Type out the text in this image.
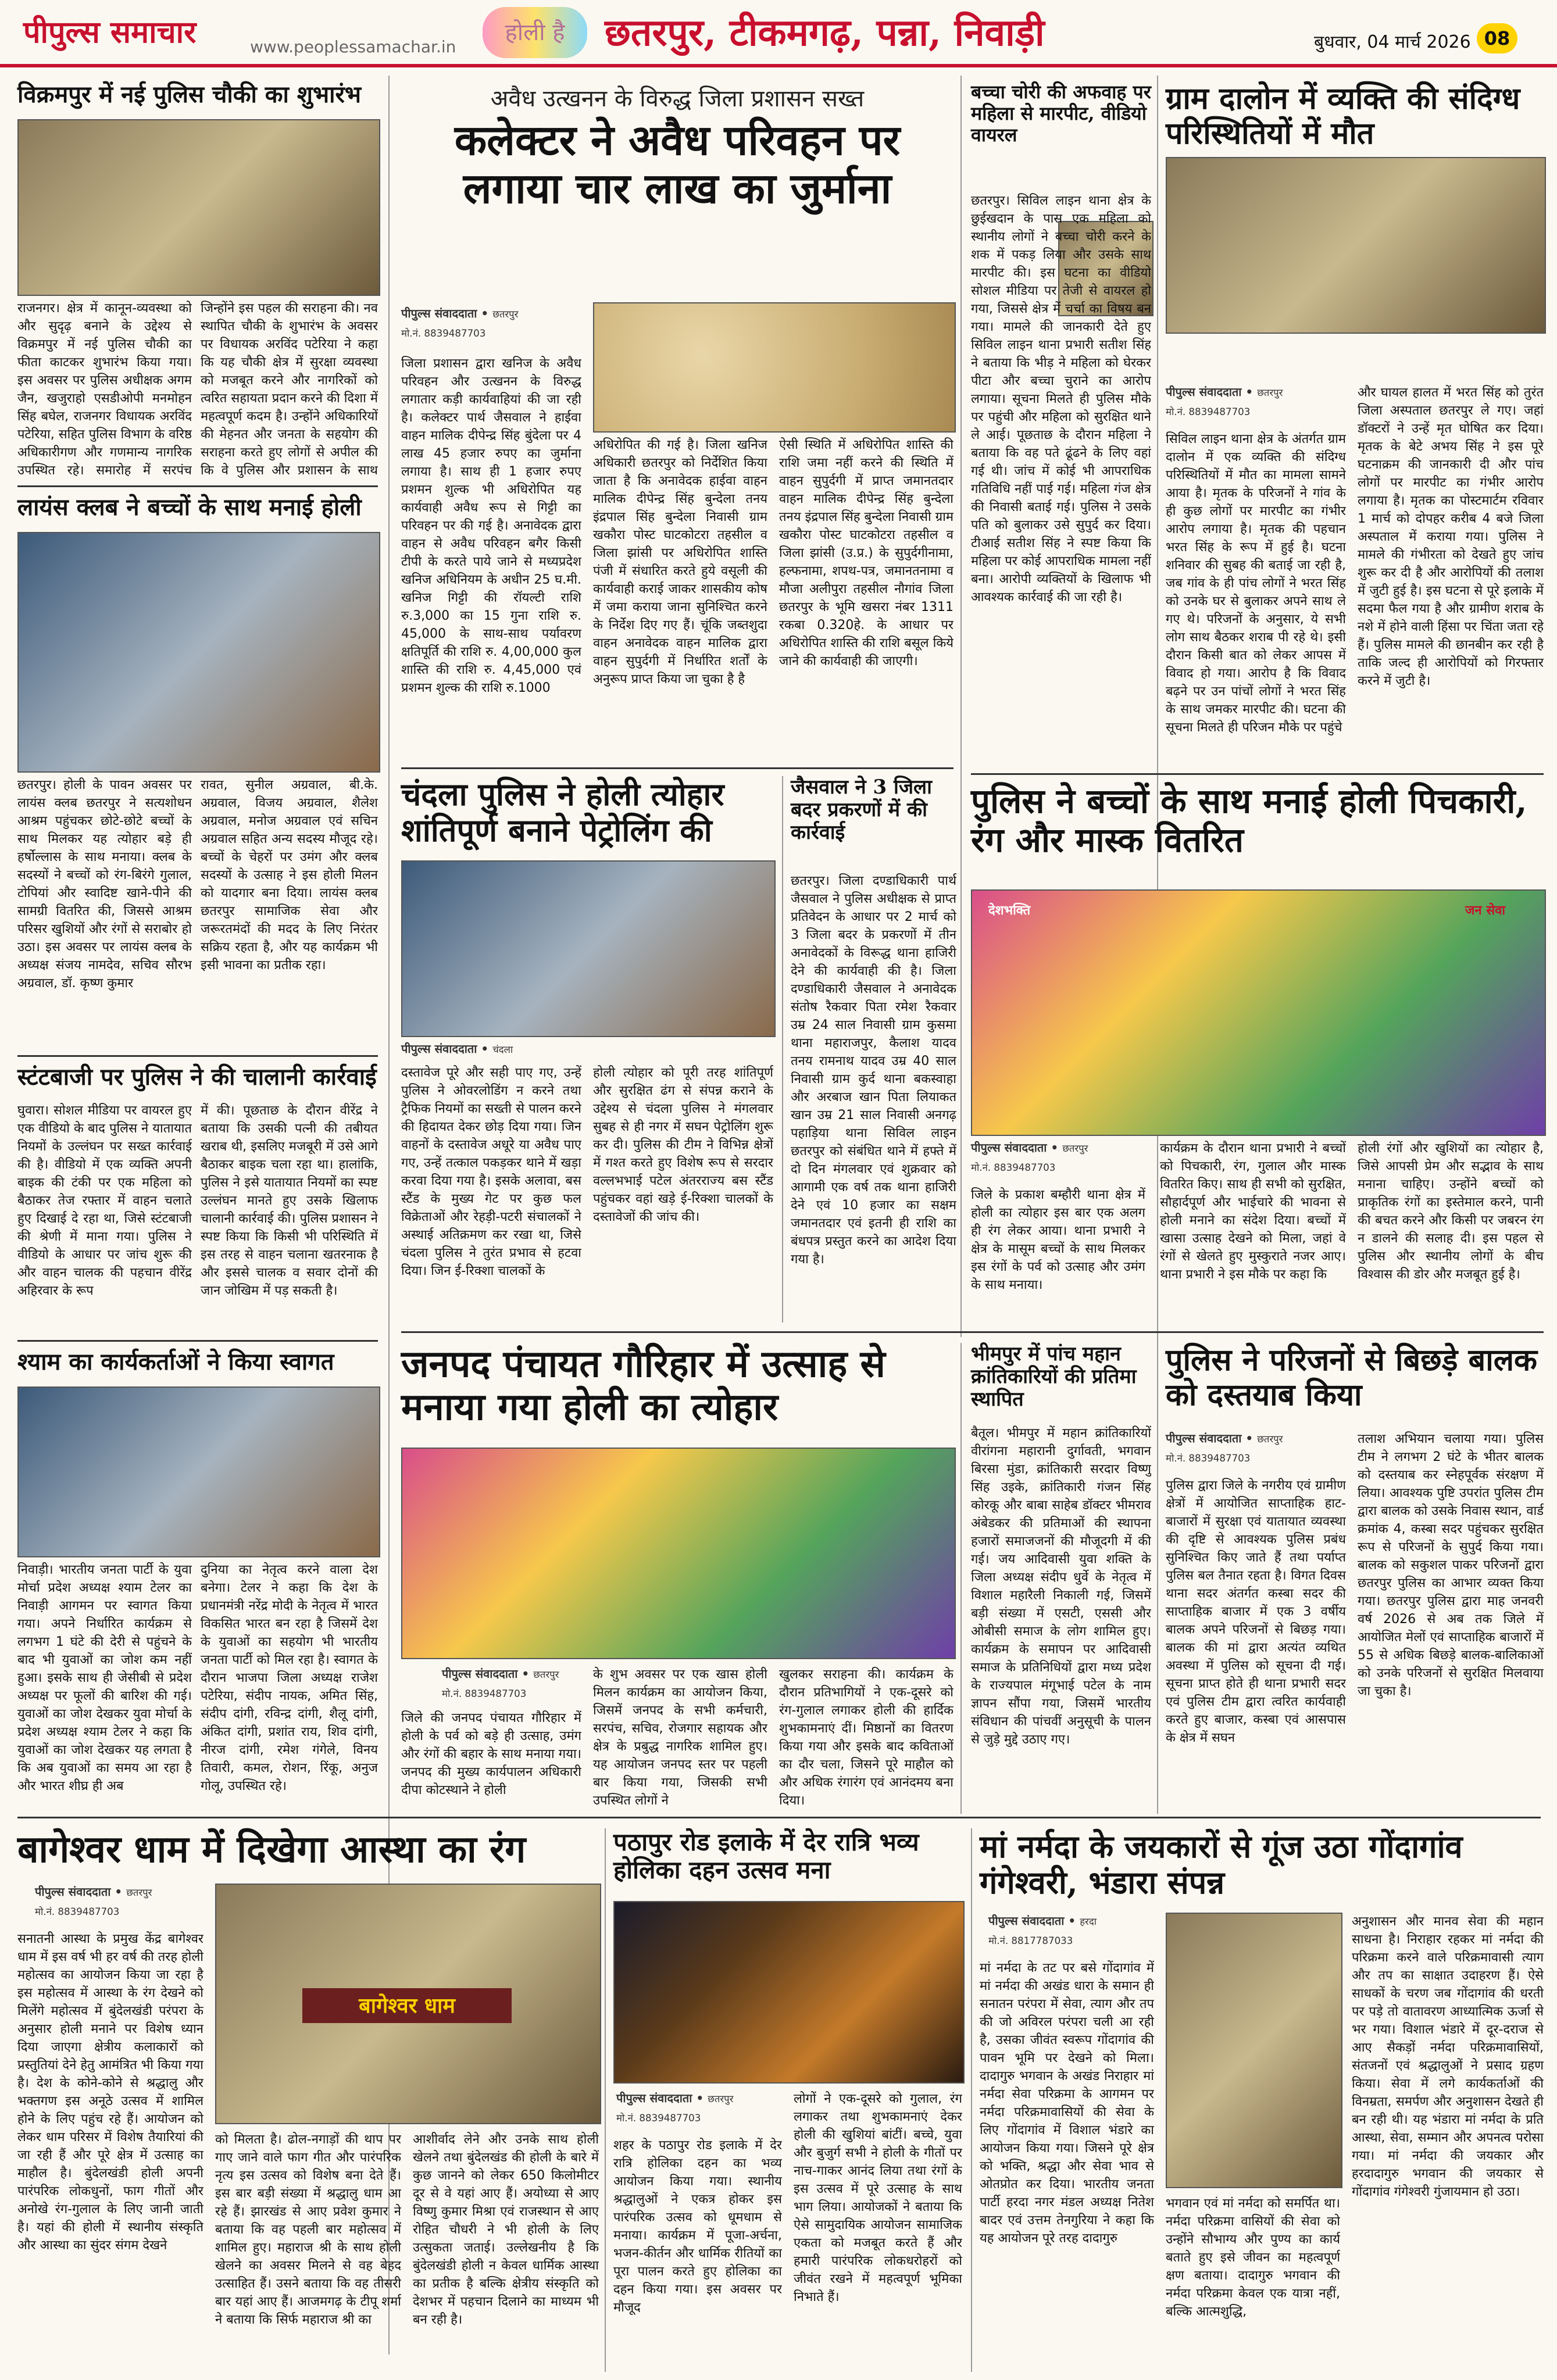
पीपुल्स समाचार	www.peoplessamachar.in
होली है	छतरपुर, टीकमगढ़, पन्ना, निवाड़ी	बुधवार, 04 मार्च 2026 08
विक्रमपुर में नई पुलिस चौकी का शुभारंभ
राजनगर। क्षेत्र में कानून-व्यवस्था को और सुदृढ़ बनाने के उद्देश्य से विक्रमपुर में नई पुलिस चौकी का फीता काटकर शुभारंभ किया गया। इस अवसर पर पुलिस अधीक्षक अगम जैन, खजुराहो एसडीओपी मनमोहन सिंह बघेल, राजनगर विधायक अरविंद पटेरिया, सहित पुलिस विभाग के वरिष्ठ अधिकारीगण और गणमान्य नागरिक उपस्थित रहे। समारोह में सरपंच
जिन्होंने इस पहल की सराहना की। नव स्थापित चौकी के शुभारंभ के अवसर पर विधायक अरविंद पटेरिया ने कहा कि यह चौकी क्षेत्र में सुरक्षा व्यवस्था को मजबूत करने और नागरिकों को त्वरित सहायता प्रदान करने की दिशा में महत्वपूर्ण कदम है। उन्होंने अधिकारियों की मेहनत और जनता के सहयोग की सराहना करते हुए लोगों से अपील की कि वे पुलिस और प्रशासन के साथ
लायंस क्लब ने बच्चों के साथ मनाई होली
छतरपुर। होली के पावन अवसर पर लायंस क्लब छतरपुर ने सत्यशोधन आश्रम पहुंचकर छोटे-छोटे बच्चों के साथ मिलकर यह त्योहार बड़े ही हर्षोल्लास के साथ मनाया। क्लब के सदस्यों ने बच्चों को रंग-बिरंगे गुलाल, टोपियां और स्वादिष्ट खाने-पीने की सामग्री वितरित की, जिससे आश्रम परिसर खुशियों और रंगों से सराबोर हो उठा। इस अवसर पर लायंस क्लब के अध्यक्ष संजय नामदेव, सचिव सौरभ अग्रवाल, डॉ. कृष्ण कुमार
रावत, सुनील अग्रवाल, बी.के. अग्रवाल, विजय अग्रवाल, शैलेश अग्रवाल, मनोज अग्रवाल एवं सचिन अग्रवाल सहित अन्य सदस्य मौजूद रहे। बच्चों के चेहरों पर उमंग और क्लब सदस्यों के उत्साह ने इस होली मिलन को यादगार बना दिया। लायंस क्लब छतरपुर सामाजिक सेवा और जरूरतमंदों की मदद के लिए निरंतर सक्रिय रहता है, और यह कार्यक्रम भी इसी भावना का प्रतीक रहा।
स्टंटबाजी पर पुलिस ने की चालानी कार्रवाई
घुवारा। सोशल मीडिया पर वायरल हुए एक वीडियो के बाद पुलिस ने यातायात नियमों के उल्लंघन पर सख्त कार्रवाई की है। वीडियो में एक व्यक्ति अपनी बाइक की टंकी पर एक महिला को बैठाकर तेज रफ्तार में वाहन चलाते हुए दिखाई दे रहा था, जिसे स्टंटबाजी की श्रेणी में माना गया। पुलिस ने वीडियो के आधार पर जांच शुरू की और वाहन चालक की पहचान वीरेंद्र अहिरवार के रूप
में की। पूछताछ के दौरान वीरेंद्र ने बताया कि उसकी पत्नी की तबीयत खराब थी, इसलिए मजबूरी में उसे आगे बैठाकर बाइक चला रहा था। हालांकि, पुलिस ने इसे यातायात नियमों का स्पष्ट उल्लंघन मानते हुए उसके खिलाफ चालानी कार्रवाई की। पुलिस प्रशासन ने स्पष्ट किया कि किसी भी परिस्थिति में इस तरह से वाहन चलाना खतरनाक है और इससे चालक व सवार दोनों की जान जोखिम में पड़ सकती है।
श्याम का कार्यकर्ताओं ने किया स्वागत
निवाड़ी। भारतीय जनता पार्टी के युवा मोर्चा प्रदेश अध्यक्ष श्याम टेलर का निवाड़ी आगमन पर स्वागत किया गया। अपने निर्धारित कार्यक्रम से लगभग 1 घंटे की देरी से पहुंचने के बाद भी युवाओं का जोश कम नहीं हुआ। इसके साथ ही जेसीबी से प्रदेश अध्यक्ष पर फूलों की बारिश की गई। युवाओं का जोश देखकर युवा मोर्चा के प्रदेश अध्यक्ष श्याम टेलर ने कहा कि युवाओं का जोश देखकर यह लगता है कि अब युवाओं का समय आ रहा है और भारत शीघ्र ही अब
दुनिया का नेतृत्व करने वाला देश बनेगा। टेलर ने कहा कि देश के प्रधानमंत्री नरेंद्र मोदी के नेतृत्व में भारत विकसित भारत बन रहा है जिसमें देश के युवाओं का सहयोग भी भारतीय जनता पार्टी को मिल रहा है। स्वागत के दौरान भाजपा जिला अध्यक्ष राजेश पटेरिया, संदीप नायक, अमित सिंह, संदीप दांगी, रविन्द्र दांगी, शैलू दांगी, अंकित दांगी, प्रशांत राय, शिव दांगी, नीरज दांगी, रमेश गंगेले, विनय तिवारी, कमल, रोशन, रिंकू, अनुज गोलू, उपस्थित रहे।
अवैध उत्खनन के विरुद्ध जिला प्रशासन सख्त
कलेक्टर ने अवैध परिवहन पर लगाया चार लाख का जुर्माना
पीपुल्स संवाददाता • छतरपुर
मो.नं. 8839487703
जिला प्रशासन द्वारा खनिज के अवैध परिवहन और उत्खनन के विरुद्ध लगातार कड़ी कार्यवाहियां की जा रही है। कलेक्टर पार्थ जैसवाल ने हाईवा वाहन मालिक दीपेन्द्र सिंह बुंदेला पर 4 लाख 45 हजार रुपए का जुर्माना लगाया है। साथ ही 1 हजार रुपए प्रशमन शुल्क भी अधिरोपित यह कार्यवाही अवैध रूप से गिट्टी का परिवहन पर की गई है। अनावेदक द्वारा वाहन से अवैध परिवहन बगैर किसी टीपी के करते पाये जाने से मध्यप्रदेश खनिज अधिनियम के अधीन 25 घ.मी. खनिज गिट्टी की रॉयल्टी राशि रु.3,000 का 15 गुना राशि रु. 45,000 के साथ-साथ पर्यावरण क्षतिपूर्ति की राशि रु. 4,00,000 कुल शास्ति की राशि रु. 4,45,000 एवं प्रशमन शुल्क की राशि रु.1000
अधिरोपित की गई है। जिला खनिज अधिकारी छतरपुर को निर्देशित किया जाता है कि अनावेदक हाईवा वाहन मालिक दीपेन्द्र सिंह बुन्देला तनय इंद्रपाल सिंह बुन्देला निवासी ग्राम खकौरा पोस्ट घाटकोटरा तहसील व जिला झांसी पर अधिरोपित शास्ति पंजी में संधारित करते हुये वसूली की कार्यवाही कराई जाकर शासकीय कोष में जमा कराया जाना सुनिश्चित करने के निर्देश दिए गए हैं। चूंकि जब्तशुदा वाहन अनावेदक वाहन मालिक द्वारा वाहन सुपुर्दगी में निर्धारित शर्तों के अनुरूप प्राप्त किया जा चुका है है
ऐसी स्थिति में अधिरोपित शास्ति की राशि जमा नहीं करने की स्थिति में वाहन सुपुर्दगी में प्राप्त जमानतदार वाहन मालिक दीपेन्द्र सिंह बुन्देला तनय इंद्रपाल सिंह बुन्देला निवासी ग्राम खकौरा पोस्ट घाटकोटरा तहसील व जिला झांसी (उ.प्र.) के सुपुर्दगीनामा, हल्फनामा, शपथ-पत्र, जमानतनामा व मौजा अलीपुरा तहसील नौगांव जिला छतरपुर के भूमि खसरा नंबर 1311 रकबा 0.320हे. के आधार पर अधिरोपित शास्ति की राशि बसूल किये जाने की कार्यवाही की जाएगी।
चंदला पुलिस ने होली त्योहार शांतिपूर्ण बनाने पेट्रोलिंग की
पीपुल्स संवाददाता • चंदला
दस्तावेज पूरे और सही पाए गए, उन्हें पुलिस ने ओवरलोडिंग न करने तथा ट्रैफिक नियमों का सख्ती से पालन करने की हिदायत देकर छोड़ दिया गया। जिन वाहनों के दस्तावेज अधूरे या अवैध पाए गए, उन्हें तत्काल पकड़कर थाने में खड़ा करवा दिया गया है। इसके अलावा, बस स्टैंड के मुख्य गेट पर कुछ फल विक्रेताओं और रेहड़ी-पटरी संचालकों ने अस्थाई अतिक्रमण कर रखा था, जिसे चंदला पुलिस ने तुरंत प्रभाव से हटवा दिया। जिन ई-रिक्शा चालकों के
होली त्योहार को पूरी तरह शांतिपूर्ण और सुरक्षित ढंग से संपन्न कराने के उद्देश्य से चंदला पुलिस ने मंगलवार सुबह से ही नगर में सघन पेट्रोलिंग शुरू कर दी। पुलिस की टीम ने विभिन्न क्षेत्रों में गश्त करते हुए विशेष रूप से सरदार वल्लभभाई पटेल अंतरराज्य बस स्टैंड पहुंचकर वहां खड़े ई-रिक्शा चालकों के दस्तावेजों की जांच की।
जैसवाल ने 3 जिला बदर प्रकरणों में की कार्रवाई
छतरपुर। जिला दण्डाधिकारी पार्थ जैसवाल ने पुलिस अधीक्षक से प्राप्त प्रतिवेदन के आधार पर 2 मार्च को 3 जिला बदर के प्रकरणों में तीन अनावेदकों के विरूद्ध थाना हाजिरी देने की कार्यवाही की है। जिला दण्डाधिकारी जैसवाल ने अनावेदक संतोष रैकवार पिता रमेश रैकवार उम्र 24 साल निवासी ग्राम कुसमा थाना महाराजपुर, कैलाश यादव तनय रामनाथ यादव उम्र 40 साल निवासी ग्राम कुर्द थाना बकस्वाहा और अरबाज खान पिता लियाकत खान उम्र 21 साल निवासी अनगढ़ पहाड़िया थाना सिविल लाइन छतरपुर को संबंधित थाने में हफ्ते में दो दिन मंगलवार एवं शुक्रवार को आगामी एक वर्ष तक थाना हाजिरी देने एवं 10 हजार का सक्षम जमानतदार एवं इतनी ही राशि का बंधपत्र प्रस्तुत करने का आदेश दिया गया है।
बच्चा चोरी की अफवाह पर महिला से मारपीट, वीडियो वायरल
छतरपुर। सिविल लाइन थाना क्षेत्र के छुईखदान के पास एक महिला को स्थानीय लोगों ने बच्चा चोरी करने के शक में पकड़ लिया और उसके साथ मारपीट की। इस घटना का वीडियो सोशल मीडिया पर तेजी से वायरल हो गया, जिससे क्षेत्र में चर्चा का विषय बन गया। मामले की जानकारी देते हुए सिविल लाइन थाना प्रभारी सतीश सिंह ने बताया कि भीड़ ने महिला को घेरकर पीटा और बच्चा चुराने का आरोप लगाया। सूचना मिलते ही पुलिस मौके पर पहुंची और महिला को सुरक्षित थाने ले आई। पूछताछ के दौरान महिला ने बताया कि वह पते ढूंढने के लिए वहां गई थी। जांच में कोई भी आपराधिक गतिविधि नहीं पाई गई। महिला गंज क्षेत्र की निवासी बताई गई। पुलिस ने उसके पति को बुलाकर उसे सुपुर्द कर दिया। टीआई सतीश सिंह ने स्पष्ट किया कि महिला पर कोई आपराधिक मामला नहीं बना। आरोपी व्यक्तियों के खिलाफ भी आवश्यक कार्रवाई की जा रही है।
ग्राम दालोन में व्यक्ति की संदिग्ध परिस्थितियों में मौत
पीपुल्स संवाददाता • छतरपुर
मो.नं. 8839487703
सिविल लाइन थाना क्षेत्र के अंतर्गत ग्राम दालोन में एक व्यक्ति की संदिग्ध परिस्थितियों में मौत का मामला सामने आया है। मृतक के परिजनों ने गांव के ही कुछ लोगों पर मारपीट का गंभीर आरोप लगाया है। मृतक की पहचान भरत सिंह के रूप में हुई है। घटना शनिवार की सुबह की बताई जा रही है, जब गांव के ही पांच लोगों ने भरत सिंह को उनके घर से बुलाकर अपने साथ ले गए थे। परिजनों के अनुसार, ये सभी लोग साथ बैठकर शराब पी रहे थे। इसी दौरान किसी बात को लेकर आपस में विवाद हो गया। आरोप है कि विवाद बढ़ने पर उन पांचों लोगों ने भरत सिंह के साथ जमकर मारपीट की। घटना की सूचना मिलते ही परिजन मौके पर पहुंचे
और घायल हालत में भरत सिंह को तुरंत जिला अस्पताल छतरपुर ले गए। जहां डॉक्टरों ने उन्हें मृत घोषित कर दिया। मृतक के बेटे अभय सिंह ने इस पूरे घटनाक्रम की जानकारी दी और पांच लोगों पर मारपीट का गंभीर आरोप लगाया है। मृतक का पोस्टमार्टम रविवार 1 मार्च को दोपहर करीब 4 बजे जिला अस्पताल में कराया गया। पुलिस ने मामले की गंभीरता को देखते हुए जांच शुरू कर दी है और आरोपियों की तलाश में जुटी हुई है। इस घटना से पूरे इलाके में सदमा फैल गया है और ग्रामीण शराब के नशे में होने वाली हिंसा पर चिंता जता रहे हैं। पुलिस मामले की छानबीन कर रही है ताकि जल्द ही आरोपियों को गिरफ्तार करने में जुटी है।
पुलिस ने बच्चों के साथ मनाई होली पिचकारी, रंग और मास्क वितरित
देशभक्ति	जन सेवा
पीपुल्स संवाददाता • छतरपुर
मो.नं. 8839487703
जिले के प्रकाश बम्हौरी थाना क्षेत्र में होली का त्योहार इस बार एक अलग ही रंग लेकर आया। थाना प्रभारी ने क्षेत्र के मासूम बच्चों के साथ मिलकर इस रंगों के पर्व को उत्साह और उमंग के साथ मनाया।
कार्यक्रम के दौरान थाना प्रभारी ने बच्चों को पिचकारी, रंग, गुलाल और मास्क वितरित किए। साथ ही सभी को सुरक्षित, सौहार्दपूर्ण और भाईचारे की भावना से होली मनाने का संदेश दिया। बच्चों में खासा उत्साह देखने को मिला, जहां वे रंगों से खेलते हुए मुस्कुराते नजर आए। थाना प्रभारी ने इस मौके पर कहा कि
होली रंगों और खुशियों का त्योहार है, जिसे आपसी प्रेम और सद्भाव के साथ मनाना चाहिए। उन्होंने बच्चों को प्राकृतिक रंगों का इस्तेमाल करने, पानी की बचत करने और किसी पर जबरन रंग न डालने की सलाह दी। इस पहल से पुलिस और स्थानीय लोगों के बीच विश्वास की डोर और मजबूत हुई है।
जनपद पंचायत गौरिहार में उत्साह से मनाया गया होली का त्योहार
पीपुल्स संवाददाता • छतरपुर
मो.नं. 8839487703
जिले की जनपद पंचायत गौरिहार में होली के पर्व को बड़े ही उत्साह, उमंग और रंगों की बहार के साथ मनाया गया। जनपद की मुख्य कार्यपालन अधिकारी दीपा कोटस्थाने ने होली
के शुभ अवसर पर एक खास होली मिलन कार्यक्रम का आयोजन किया, जिसमें जनपद के सभी कर्मचारी, सरपंच, सचिव, रोजगार सहायक और क्षेत्र के प्रबुद्ध नागरिक शामिल हुए। यह आयोजन जनपद स्तर पर पहली बार किया गया, जिसकी सभी उपस्थित लोगों ने
खुलकर सराहना की। कार्यक्रम के दौरान प्रतिभागियों ने एक-दूसरे को रंग-गुलाल लगाकर होली की हार्दिक शुभकामनाएं दीं। मिष्ठानों का वितरण किया गया और इसके बाद कविताओं का दौर चला, जिसने पूरे माहौल को और अधिक रंगारंग एवं आनंदमय बना दिया।
भीमपुर में पांच महान क्रांतिकारियों की प्रतिमा स्थापित
बैतूल। भीमपुर में महान क्रांतिकारियों वीरांगना महारानी दुर्गावती, भगवान बिरसा मुंडा, क्रांतिकारी सरदार विष्णु सिंह उइके, क्रांतिकारी गंजन सिंह कोरकू और बाबा साहेब डॉक्टर भीमराव अंबेडकर की प्रतिमाओं की स्थापना हजारों समाजजनों की मौजूदगी में की गई। जय आदिवासी युवा शक्ति के जिला अध्यक्ष संदीप धुर्वे के नेतृत्व में विशाल महारैली निकाली गई, जिसमें बड़ी संख्या में एसटी, एससी और ओबीसी समाज के लोग शामिल हुए। कार्यक्रम के समापन पर आदिवासी समाज के प्रतिनिधियों द्वारा मध्य प्रदेश के राज्यपाल मंगूभाई पटेल के नाम ज्ञापन सौंपा गया, जिसमें भारतीय संविधान की पांचवीं अनुसूची के पालन से जुड़े मुद्दे उठाए गए।
पुलिस ने परिजनों से बिछड़े बालक को दस्तयाब किया
पीपुल्स संवाददाता • छतरपुर
मो.नं. 8839487703
पुलिस द्वारा जिले के नगरीय एवं ग्रामीण क्षेत्रों में आयोजित साप्ताहिक हाट-बाजारों में सुरक्षा एवं यातायात व्यवस्था की दृष्टि से आवश्यक पुलिस प्रबंध सुनिश्चित किए जाते हैं तथा पर्याप्त पुलिस बल तैनात रहता है। विगत दिवस थाना सदर अंतर्गत कस्बा सदर की साप्ताहिक बाजार में एक 3 वर्षीय बालक अपने परिजनों से बिछड़ गया। बालक की मां द्वारा अत्यंत व्यथित अवस्था में पुलिस को सूचना दी गई। सूचना प्राप्त होते ही थाना प्रभारी सदर एवं पुलिस टीम द्वारा त्वरित कार्यवाही करते हुए बाजार, कस्बा एवं आसपास के क्षेत्र में सघन
तलाश अभियान चलाया गया। पुलिस टीम ने लगभग 2 घंटे के भीतर बालक को दस्तयाब कर स्नेहपूर्वक संरक्षण में लिया। आवश्यक पुष्टि उपरांत पुलिस टीम द्वारा बालक को उसके निवास स्थान, वार्ड क्रमांक 4, कस्बा सदर पहुंचकर सुरक्षित रूप से परिजनों के सुपुर्द किया गया। बालक को सकुशल पाकर परिजनों द्वारा छतरपुर पुलिस का आभार व्यक्त किया गया। छतरपुर पुलिस द्वारा माह जनवरी वर्ष 2026 से अब तक जिले में आयोजित मेलों एवं साप्ताहिक बाजारों में 55 से अधिक बिछड़े बालक-बालिकाओं को उनके परिजनों से सुरक्षित मिलवाया जा चुका है।
बागेश्वर धाम में दिखेगा आस्था का रंग
पीपुल्स संवाददाता • छतरपुर
मो.नं. 8839487703
सनातनी आस्था के प्रमुख केंद्र बागेश्वर धाम में इस वर्ष भी हर वर्ष की तरह होली महोत्सव का आयोजन किया जा रहा है इस महोत्सव में आस्था के रंग देखने को मिलेंगे महोत्सव में बुंदेलखंडी परंपरा के अनुसार होली मनाने पर विशेष ध्यान दिया जाएगा क्षेत्रीय कलाकारों को प्रस्तुतियां देने हेतु आमंत्रित भी किया गया है। देश के कोने-कोने से श्रद्धालु और भक्तगण इस अनूठे उत्सव में शामिल होने के लिए पहुंच रहे हैं। आयोजन को लेकर धाम परिसर में विशेष तैयारियां की जा रही हैं और पूरे क्षेत्र में उत्साह का माहौल है। बुंदेलखंडी होली अपनी पारंपरिक लोकधुनों, फाग गीतों और अनोखे रंग-गुलाल के लिए जानी जाती है। यहां की होली में स्थानीय संस्कृति और आस्था का सुंदर संगम देखने
बागेश्वर धाम
को मिलता है। ढोल-नगाड़ों की थाप पर गाए जाने वाले फाग गीत और पारंपरिक नृत्य इस उत्सव को विशेष बना देते हैं। इस बार बड़ी संख्या में श्रद्धालु धाम आ रहे हैं। झारखंड से आए प्रवेश कुमार ने बताया कि वह पहली बार महोत्सव में शामिल हुए। महाराज श्री के साथ होली खेलने का अवसर मिलने से वह बेहद उत्साहित हैं। उसने बताया कि वह तीसरी बार यहां आए हैं। आजमगढ़ के टीपू शर्मा ने बताया कि सिर्फ महाराज श्री का
आशीर्वाद लेने और उनके साथ होली खेलने तथा बुंदेलखंड की होली के बारे में कुछ जानने को लेकर 650 किलोमीटर दूर से वे यहां आए हैं। अयोध्या से आए विष्णु कुमार मिश्रा एवं राजस्थान से आए रोहित चौधरी ने भी होली के लिए उत्सुकता जताई। उल्लेखनीय है कि बुंदेलखंडी होली न केवल धार्मिक आस्था का प्रतीक है बल्कि क्षेत्रीय संस्कृति को देशभर में पहचान दिलाने का माध्यम भी बन रही है।
पठापुर रोड इलाके में देर रात्रि भव्य होलिका दहन उत्सव मना
पीपुल्स संवाददाता • छतरपुर
मो.नं. 8839487703
शहर के पठापुर रोड इलाके में देर रात्रि होलिका दहन का भव्य आयोजन किया गया। स्थानीय श्रद्धालुओं ने एकत्र होकर इस पारंपरिक उत्सव को धूमधाम से मनाया। कार्यक्रम में पूजा-अर्चना, भजन-कीर्तन और धार्मिक रीतियों का पूरा पालन करते हुए होलिका का दहन किया गया। इस अवसर पर मौजूद
लोगों ने एक-दूसरे को गुलाल, रंग लगाकर तथा शुभकामनाएं देकर होली की खुशियां बांटीं। बच्चे, युवा और बुजुर्ग सभी ने होली के गीतों पर नाच-गाकर आनंद लिया तथा रंगों के इस उत्सव में पूरे उत्साह के साथ भाग लिया। आयोजकों ने बताया कि ऐसे सामुदायिक आयोजन सामाजिक एकता को मजबूत करते हैं और हमारी पारंपरिक लोकधरोहरों को जीवंत रखने में महत्वपूर्ण भूमिका निभाते हैं।
मां नर्मदा के जयकारों से गूंज उठा गोंदागांव गंगेश्वरी, भंडारा संपन्न
पीपुल्स संवाददाता • हरदा
मो.नं. 8817787033
मां नर्मदा के तट पर बसे गोंदागांव में मां नर्मदा की अखंड धारा के समान ही सनातन परंपरा में सेवा, त्याग और तप की जो अविरल परंपरा चली आ रही है, उसका जीवंत स्वरूप गोंदागांव की पावन भूमि पर देखने को मिला। दादागुरु भगवान के अखंड निराहार मां नर्मदा सेवा परिक्रमा के आगमन पर नर्मदा परिक्रमावासियों की सेवा के लिए गोंदागांव में विशाल भंडारे का आयोजन किया गया। जिसने पूरे क्षेत्र को भक्ति, श्रद्धा और सेवा भाव से ओतप्रोत कर दिया। भारतीय जनता पार्टी हरदा नगर मंडल अध्यक्ष नितेश बादर एवं उत्तम तेनगुरिया ने कहा कि यह आयोजन पूरे तरह दादागुरु
भगवान एवं मां नर्मदा को समर्पित था। नर्मदा परिक्रमा वासियों की सेवा को उन्होंने सौभाग्य और पुण्य का कार्य बताते हुए इसे जीवन का महत्वपूर्ण क्षण बताया। दादागुरु भगवान की नर्मदा परिक्रमा केवल एक यात्रा नहीं, बल्कि आत्मशुद्धि,
अनुशासन और मानव सेवा की महान साधना है। निराहार रहकर मां नर्मदा की परिक्रमा करने वाले परिक्रमावासी त्याग और तप का साक्षात उदाहरण हैं। ऐसे साधकों के चरण जब गोंदागांव की धरती पर पड़े तो वातावरण आध्यात्मिक ऊर्जा से भर गया। विशाल भंडारे में दूर-दराज से आए सैकड़ों नर्मदा परिक्रमावासियों, संतजनों एवं श्रद्धालुओं ने प्रसाद ग्रहण किया। सेवा में लगे कार्यकर्ताओं की विनम्रता, समर्पण और अनुशासन देखते ही बन रही थी। यह भंडारा मां नर्मदा के प्रति आस्था, सेवा, सम्मान और अपनत्व परोसा गया। मां नर्मदा की जयकार और हरदादागुरु भगवान की जयकार से गोंदागांव गंगेश्वरी गुंजायमान हो उठा।
